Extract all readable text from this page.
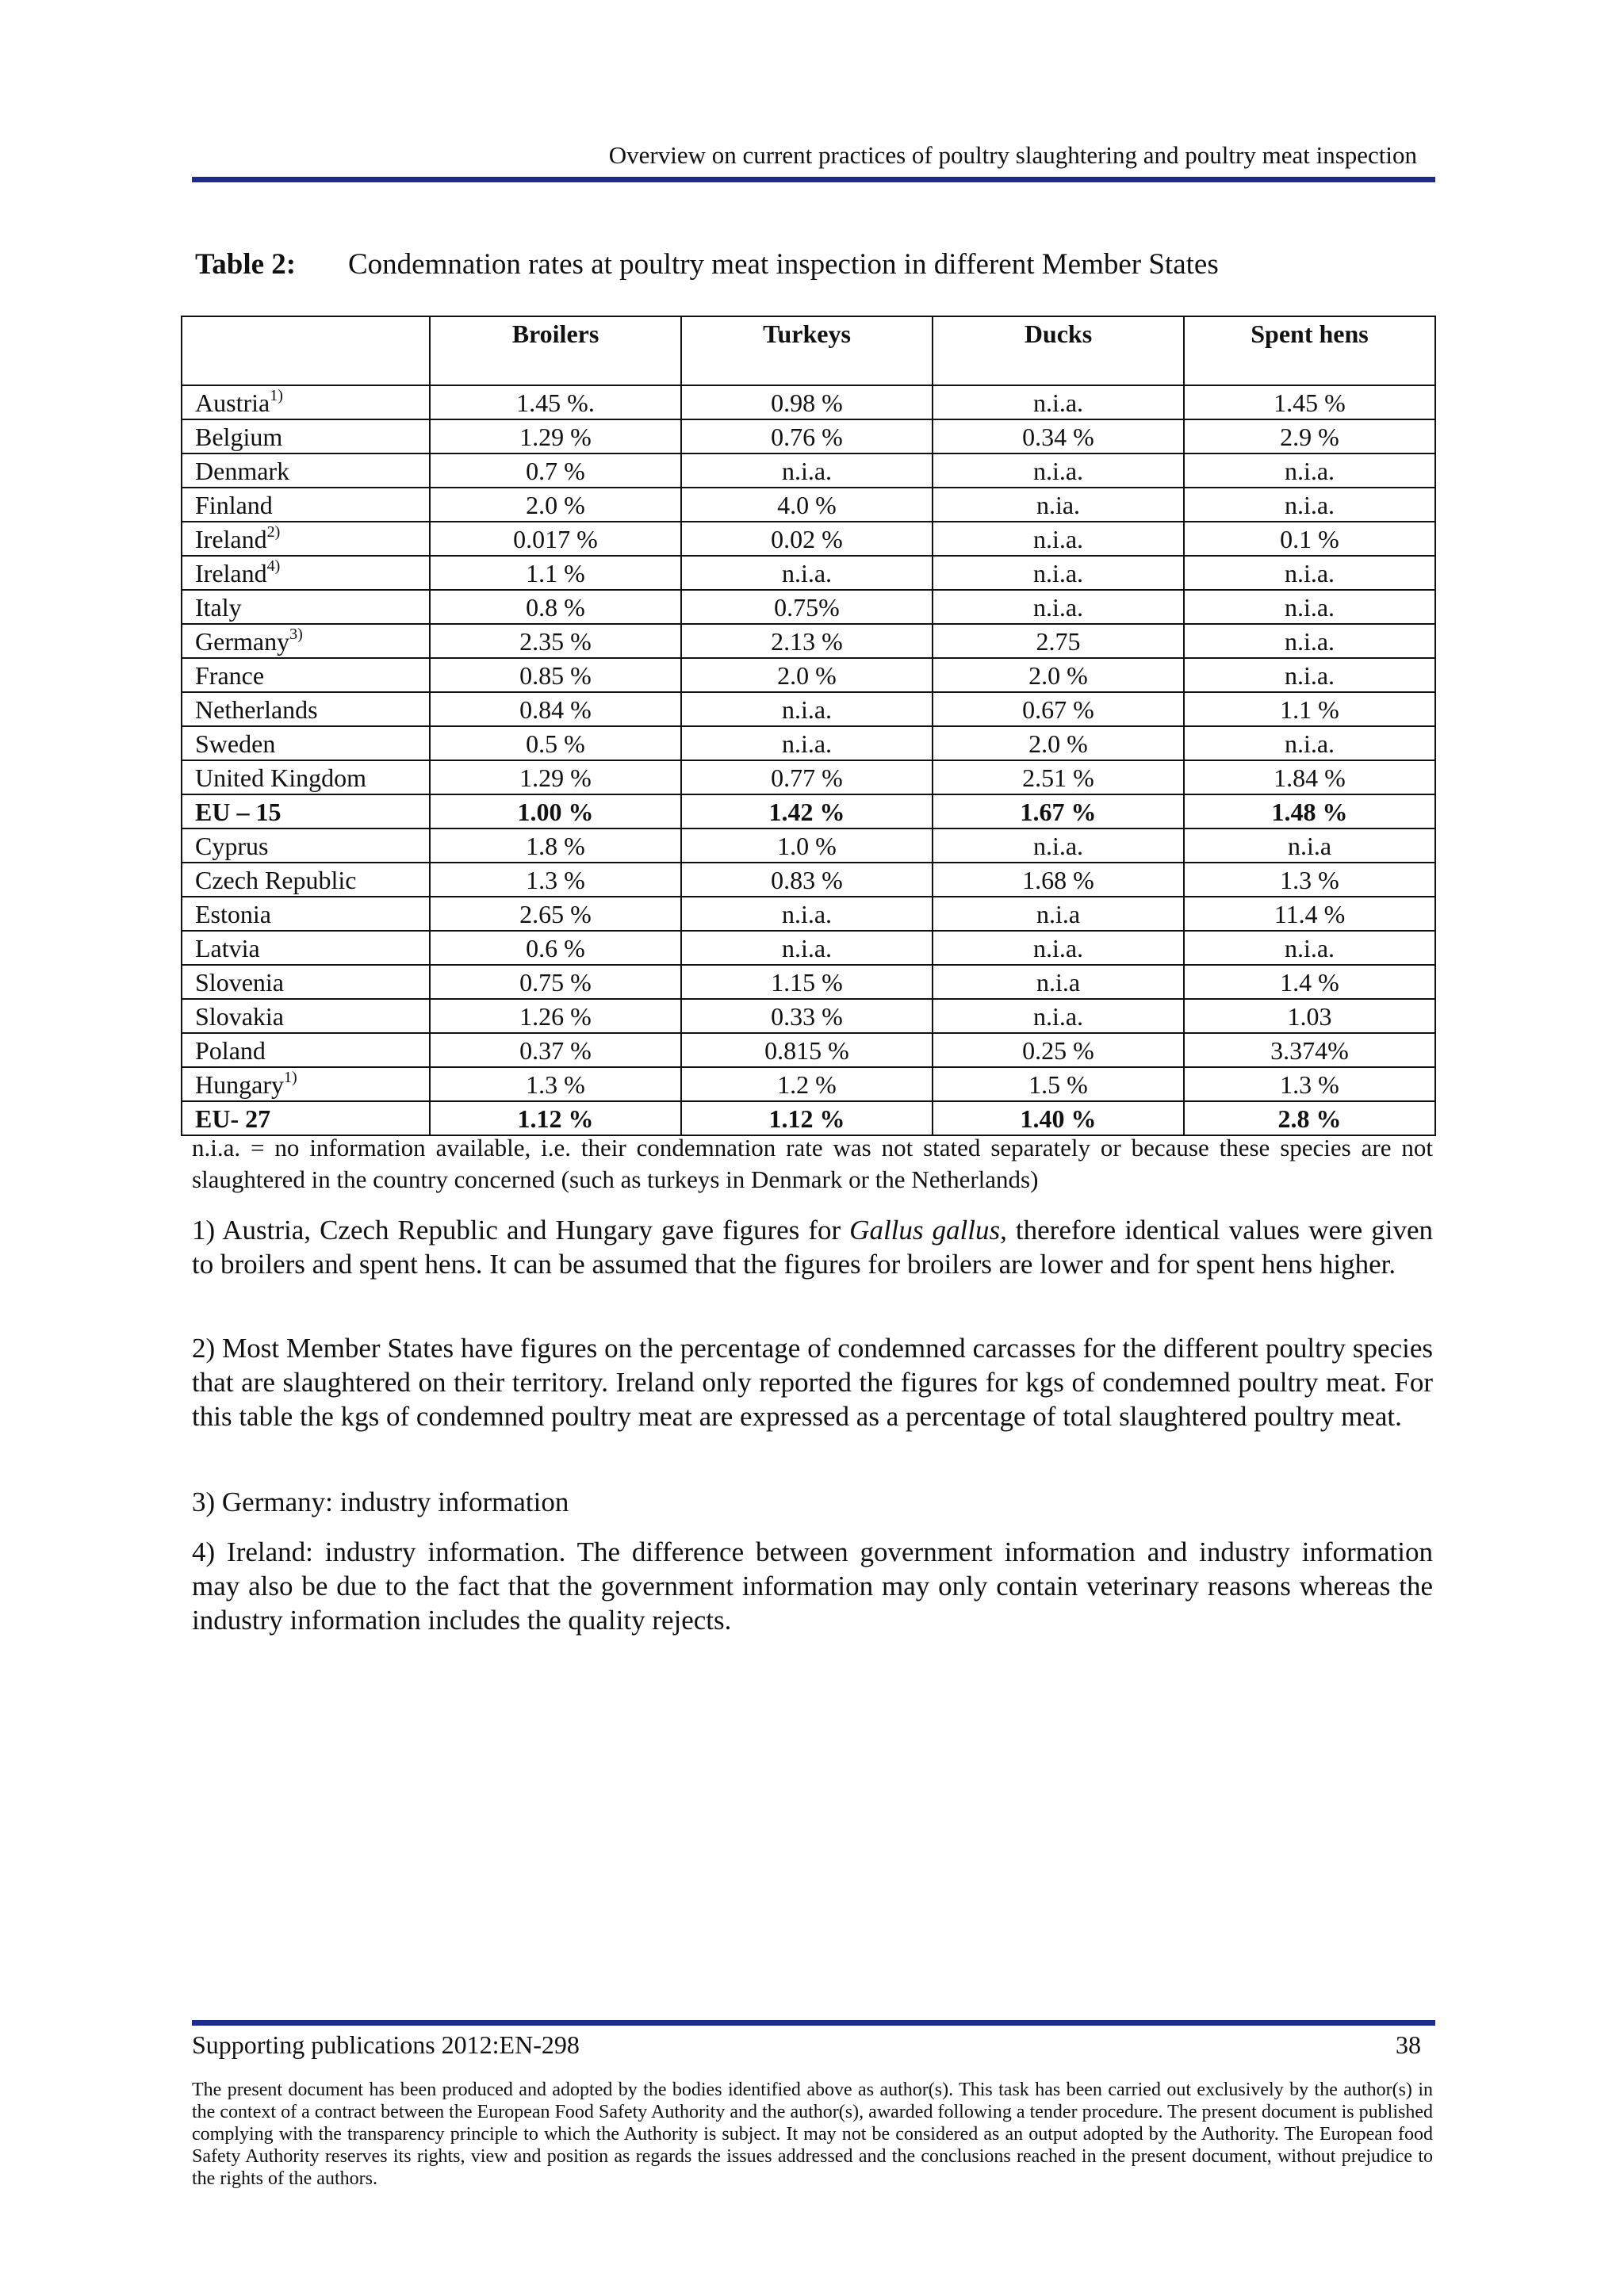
Overview on current practices of poultry slaughtering and poultry meat inspection
Table 2: Condemnation rates at poultry meat inspection in different Member States
	Broilers	Turkeys	Ducks	Spent hens
Austria$^{1)}$	1.45 %.	0.98 %	n.i.a.	1.45 %
Belgium	1.29 %	0.76 %	0.34 %	2.9 %
Denmark	0.7 %	n.i.a.	n.i.a.	n.i.a.
Finland	2.0 %	4.0 %	n.ia.	n.i.a.
Ireland$^{2)}$	0.017 %	0.02 %	n.i.a.	0.1 %
Ireland$^{4)}$	1.1 %	n.i.a.	n.i.a.	n.i.a.
Italy	0.8 %	0.75%	n.i.a.	n.i.a.
Germany$^{3)}$	2.35 %	2.13 %	2.75	n.i.a.
France	0.85 %	2.0 %	2.0 %	n.i.a.
Netherlands	0.84 %	n.i.a.	0.67 %	1.1 %
Sweden	0.5 %	n.i.a.	2.0 %	n.i.a.
United Kingdom	1.29 %	0.77 %	2.51 %	1.84 %
EU – 15	1.00 %	1.42 %	1.67 %	1.48 %
Cyprus	1.8 %	1.0 %	n.i.a.	n.i.a
Czech Republic	1.3 %	0.83 %	1.68 %	1.3 %
Estonia	2.65 %	n.i.a.	n.i.a	11.4 %
Latvia	0.6 %	n.i.a.	n.i.a.	n.i.a.
Slovenia	0.75 %	1.15 %	n.i.a	1.4 %
Slovakia	1.26 %	0.33 %	n.i.a.	1.03
Poland	0.37 %	0.815 %	0.25 %	3.374%
Hungary$^{1)}$	1.3 %	1.2 %	1.5 %	1.3 %
EU- 27	1.12 %	1.12 %	1.40 %	2.8 %
n.i.a. = no information available, i.e. their condemnation rate was not stated separately or because these species are not slaughtered in the country concerned (such as turkeys in Denmark or the Netherlands)
1) Austria, Czech Republic and Hungary gave figures for Gallus gallus, therefore identical values were given to broilers and spent hens. It can be assumed that the figures for broilers are lower and for spent hens higher.
2) Most Member States have figures on the percentage of condemned carcasses for the different poultry species that are slaughtered on their territory. Ireland only reported the figures for kgs of condemned poultry meat. For this table the kgs of condemned poultry meat are expressed as a percentage of total slaughtered poultry meat.
3) Germany: industry information
4) Ireland: industry information. The difference between government information and industry information may also be due to the fact that the government information may only contain veterinary reasons whereas the industry information includes the quality rejects.
Supporting publications 2012:EN-298	38
The present document has been produced and adopted by the bodies identified above as author(s). This task has been carried out exclusively by the author(s) in the context of a contract between the European Food Safety Authority and the author(s), awarded following a tender procedure. The present document is published complying with the transparency principle to which the Authority is subject. It may not be considered as an output adopted by the Authority. The European food Safety Authority reserves its rights, view and position as regards the issues addressed and the conclusions reached in the present document, without prejudice to the rights of the authors.
